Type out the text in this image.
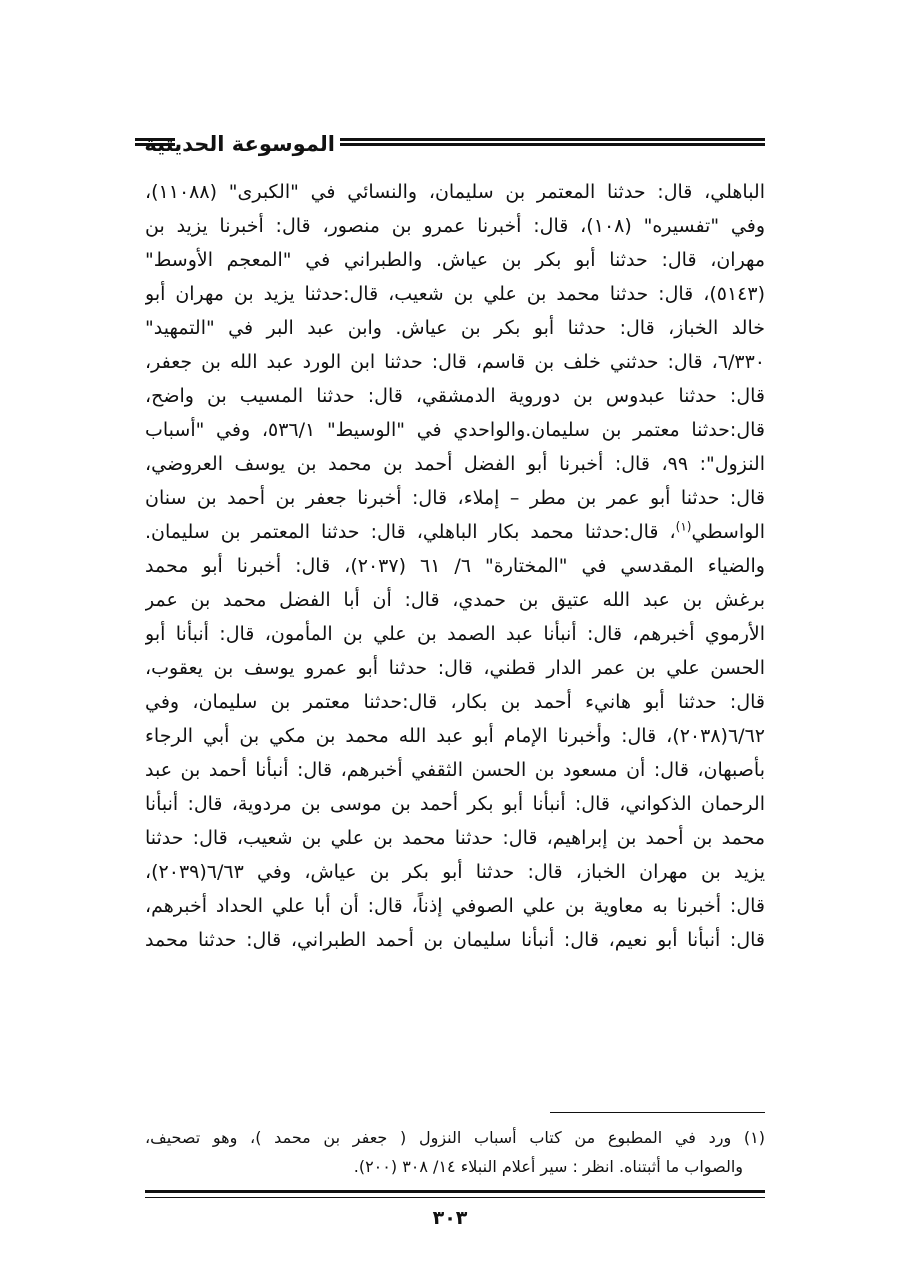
الموسوعة الحديثية
الباهلي، قال: حدثنا المعتمر بن سليمان، والنسائي في "الكبرى" (١١٠٨٨)،
وفي "تفسيره" (١٠٨)، قال: أخبرنا عمرو بن منصور، قال: أخبرنا يزيد بن
مهران، قال: حدثنا أبو بكر بن عياش. والطبراني في "المعجم الأوسط"
(٥١٤٣)، قال: حدثنا محمد بن علي بن شعيب، قال:حدثنا يزيد بن مهران أبو
خالد الخباز، قال: حدثنا أبو بكر بن عياش. وابن عبد البر في "التمهيد"
٦/٣٣٠، قال: حدثني خلف بن قاسم، قال: حدثنا ابن الورد عبد الله بن جعفر،
قال: حدثنا عبدوس بن دوروية الدمشقي، قال: حدثنا المسيب بن واضح،
قال:حدثنا معتمر بن سليمان.والواحدي في "الوسيط" ٥٣٦/١، وفي "أسباب
النزول": ٩٩، قال: أخبرنا أبو الفضل أحمد بن محمد بن يوسف العروضي،
قال: حدثنا أبو عمر بن مطر – إملاء، قال: أخبرنا جعفر بن أحمد بن سنان
الواسطي$^{(١)}$، قال:حدثنا محمد بكار الباهلي، قال: حدثنا المعتمر بن سليمان.
والضياء المقدسي في "المختارة" ٦/ ٦١ (٢٠٣٧)، قال: أخبرنا أبو محمد
برغش بن عبد الله عتيق بن حمدي، قال: أن أبا الفضل محمد بن عمر
الأرموي أخبرهم، قال: أنبأنا عبد الصمد بن علي بن المأمون، قال: أنبأنا أبو
الحسن علي بن عمر الدار قطني، قال: حدثنا أبو عمرو يوسف بن يعقوب،
قال: حدثنا أبو هانيء أحمد بن بكار، قال:حدثنا معتمر بن سليمان، وفي
٦/٦٢(٢٠٣٨)، قال: وأخبرنا الإمام أبو عبد الله محمد بن مكي بن أبي الرجاء
بأصبهان، قال: أن مسعود بن الحسن الثقفي أخبرهم، قال: أنبأنا أحمد بن عبد
الرحمان الذكواني، قال: أنبأنا أبو بكر أحمد بن موسى بن مردوية، قال: أنبأنا
محمد بن أحمد بن إبراهيم، قال: حدثنا محمد بن علي بن شعيب، قال: حدثنا
يزيد بن مهران الخباز، قال: حدثنا أبو بكر بن عياش، وفي ٦/٦٣(٢٠٣٩)،
قال: أخبرنا به معاوية بن علي الصوفي إذناً، قال: أن أبا علي الحداد أخبرهم،
قال: أنبأنا أبو نعيم، قال: أنبأنا سليمان بن أحمد الطبراني، قال: حدثنا محمد
(١) ورد في المطبوع من كتاب أسباب النزول ( جعفر بن محمد )، وهو تصحيف،
والصواب ما أثبتناه. انظر : سير أعلام النبلاء ١٤/ ٣٠٨ (٢٠٠).
٣٠٣
